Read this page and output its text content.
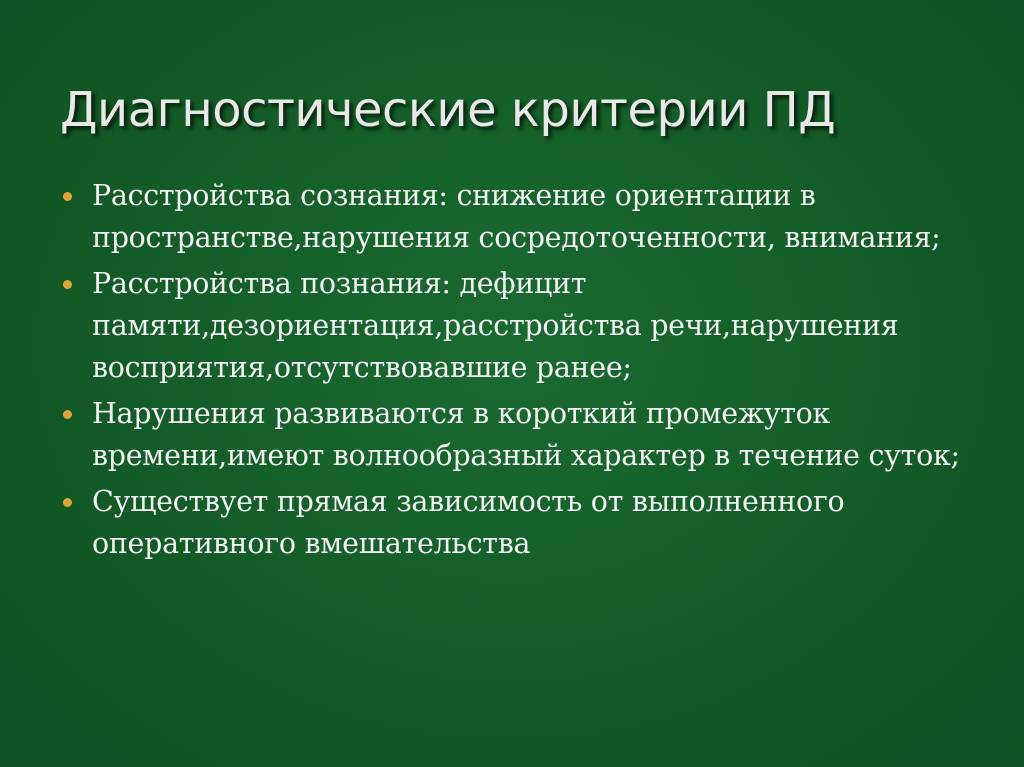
Диагностические критерии ПД
Расстройства сознания: снижение ориентации в пространстве,нарушения сосредоточенности, внимания;
Расстройства познания: дефицит памяти,дезориентация,расстройства речи,нарушения восприятия,отсутствовавшие ранее;
Нарушения развиваются в короткий промежуток времени,имеют волнообразный характер в течение суток;
Существует прямая зависимость от выполненного оперативного вмешательства
